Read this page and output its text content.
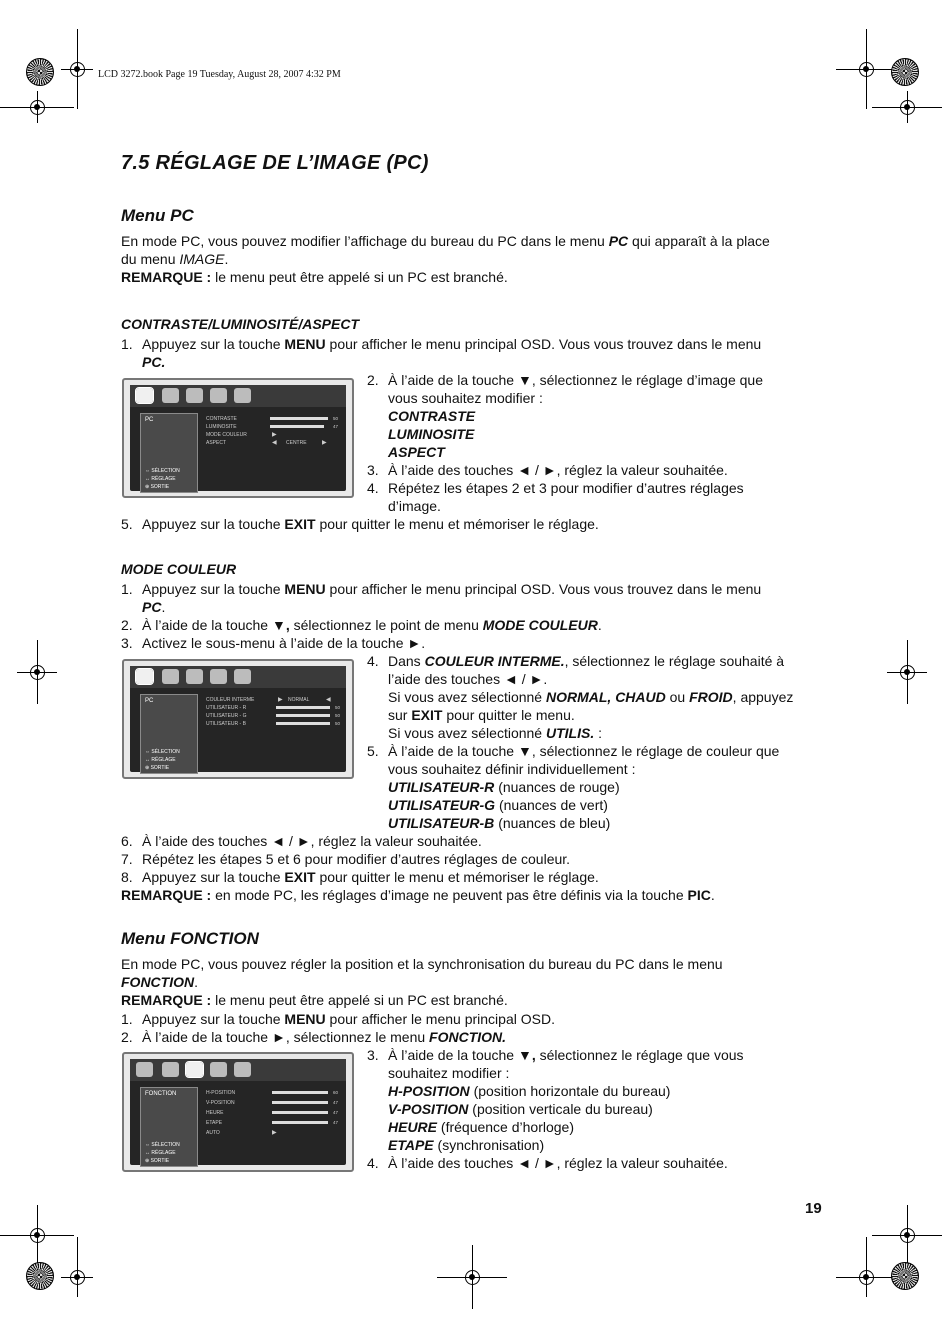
LCD 3272.book Page 19 Tuesday, August 28, 2007 4:32 PM
7.5 RÉGLAGE DE L’IMAGE (PC)
Menu PC
En mode PC, vous pouvez modifier l’affichage du bureau du PC dans le menu PC qui apparaît à la place
du menu IMAGE.
REMARQUE : le menu peut être appelé si un PC est branché.
CONTRASTE/LUMINOSITÉ/ASPECT
1. Appuyez sur la touche MENU pour afficher le menu principal OSD. Vous vous trouvez dans le menu
PC.
PC
⇔ SÉLECTION
↔ RÉGLAGE
⊕ SORTIE
CONTRASTE
LUMINOSITE
MODE COULEUR
ASPECT
50
47
▶
◀ CENTRE	▶
2. À l’aide de la touche ▼, sélectionnez le réglage d’image que
vous souhaitez modifier :
CONTRASTE
LUMINOSITE
ASPECT
3. À l’aide des touches ◄ / ►, réglez la valeur souhaitée.
4. Répétez les étapes 2 et 3 pour modifier d’autres réglages
d’image.
5. Appuyez sur la touche EXIT pour quitter le menu et mémoriser le réglage.
MODE COULEUR
1. Appuyez sur la touche MENU pour afficher le menu principal OSD. Vous vous trouvez dans le menu
PC.
2. À l’aide de la touche ▼, sélectionnez le point de menu MODE COULEUR.
3. Activez le sous-menu à l’aide de la touche ►.
PC
⇔ SÉLECTION
↔ RÉGLAGE
⊕ SORTIE
COULEUR INTERME
UTILISATEUR - R
UTILISATEUR - G
UTILISATEUR - B
▶ NORMAL	◀
50
50
50
4. Dans COULEUR INTERME., sélectionnez le réglage souhaité à
l’aide des touches ◄ / ►.
Si vous avez sélectionné NORMAL, CHAUD ou FROID, appuyez
sur EXIT pour quitter le menu.
Si vous avez sélectionné UTILIS. :
5. À l’aide de la touche ▼, sélectionnez le réglage de couleur que
vous souhaitez définir individuellement :
UTILISATEUR-R (nuances de rouge)
UTILISATEUR-G (nuances de vert)
UTILISATEUR-B (nuances de bleu)
6. À l’aide des touches ◄ / ►, réglez la valeur souhaitée.
7. Répétez les étapes 5 et 6 pour modifier d’autres réglages de couleur.
8. Appuyez sur la touche EXIT pour quitter le menu et mémoriser le réglage.
REMARQUE : en mode PC, les réglages d’image ne peuvent pas être définis via la touche PIC.
Menu FONCTION
En mode PC, vous pouvez régler la position et la synchronisation du bureau du PC dans le menu
FONCTION.
REMARQUE : le menu peut être appelé si un PC est branché.
1. Appuyez sur la touche MENU pour afficher le menu principal OSD.
2. À l’aide de la touche ►, sélectionnez le menu FONCTION.
FONCTION
⇔ SÉLECTION
↔ RÉGLAGE
⊕ SORTIE
H-POSITION
V-POSITION
HEURE
ETAPE
AUTO
60
47
47
47
▶
3. À l’aide de la touche ▼, sélectionnez le réglage que vous
souhaitez modifier :
H-POSITION (position horizontale du bureau)
V-POSITION (position verticale du bureau)
HEURE (fréquence d’horloge)
ETAPE (synchronisation)
4. À l’aide des touches ◄ / ►, réglez la valeur souhaitée.
19
